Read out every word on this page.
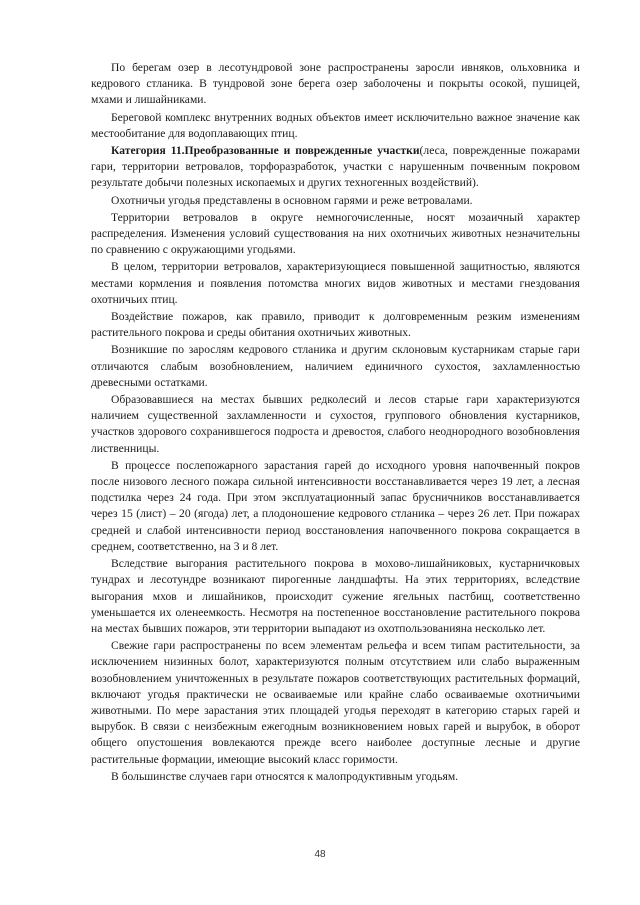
По берегам озер в лесотундровой зоне распространены заросли ивняков, ольховника и кедрового стланика. В тундровой зоне берега озер заболочены и покрыты осокой, пушицей, мхами и лишайниками.

Береговой комплекс внутренних водных объектов имеет исключительно важное значение как местообитание для водоплавающих птиц.

Категория 11.Преобразованные и поврежденные участки(леса, поврежденные пожарами гари, территории ветровалов, торфоразработок, участки с нарушенным почвенным покровом результате добычи полезных ископаемых и других техногенных воздействий).

Охотничьи угодья представлены в основном гарями и реже ветровалами.

Территории ветровалов в округе немногочисленные, носят мозаичный характер распределения. Изменения условий существования на них охотничьих животных незначительны по сравнению с окружающими угодьями.

В целом, территории ветровалов, характеризующиеся повышенной защитностью, являются местами кормления и появления потомства многих видов животных и местами гнездования охотничьих птиц.

Воздействие пожаров, как правило, приводит к долговременным резким изменениям растительного покрова и среды обитания охотничьих животных.

Возникшие по зарослям кедрового стланика и другим склоновым кустарникам старые гари отличаются слабым возобновлением, наличием единичного сухостоя, захламленностью древесными остатками.

Образовавшиеся на местах бывших редколесий и лесов старые гари характеризуются наличием существенной захламленности и сухостоя, группового обновления кустарников, участков здорового сохранившегося подроста и древостоя, слабого неоднородного возобновления лиственницы.

В процессе послепожарного зарастания гарей до исходного уровня напочвенный покров после низового лесного пожара сильной интенсивности восстанавливается через 19 лет, а лесная подстилка через 24 года. При этом эксплуатационный запас брусничников восстанавливается через 15 (лист) – 20 (ягода) лет, а плодоношение кедрового стланика – через 26 лет. При пожарах средней и слабой интенсивности период восстановления напочвенного покрова сокращается в среднем, соответственно, на 3 и 8 лет.

Вследствие выгорания растительного покрова в мохово-лишайниковых, кустарничковых тундрах и лесотундре возникают пирогенные ландшафты. На этих территориях, вследствие выгорания мхов и лишайников, происходит сужение ягельных пастбищ, соответственно уменьшается их оленеемкость. Несмотря на постепенное восстановление растительного покрова на местах бывших пожаров, эти территории выпадают из охотпользованияна несколько лет.

Свежие гари распространены по всем элементам рельефа и всем типам растительности, за исключением низинных болот, характеризуются полным отсутствием или слабо выраженным возобновлением уничтоженных в результате пожаров соответствующих растительных формаций, включают угодья практически не осваиваемые или крайне слабо осваиваемые охотничьими животными. По мере зарастания этих площадей угодья переходят в категорию старых гарей и вырубок. В связи с неизбежным ежегодным возникновением новых гарей и вырубок, в оборот общего опустошения вовлекаются прежде всего наиболее доступные лесные и другие растительные формации, имеющие высокий класс горимости.

В большинстве случаев гари относятся к малопродуктивным угодьям.

48
